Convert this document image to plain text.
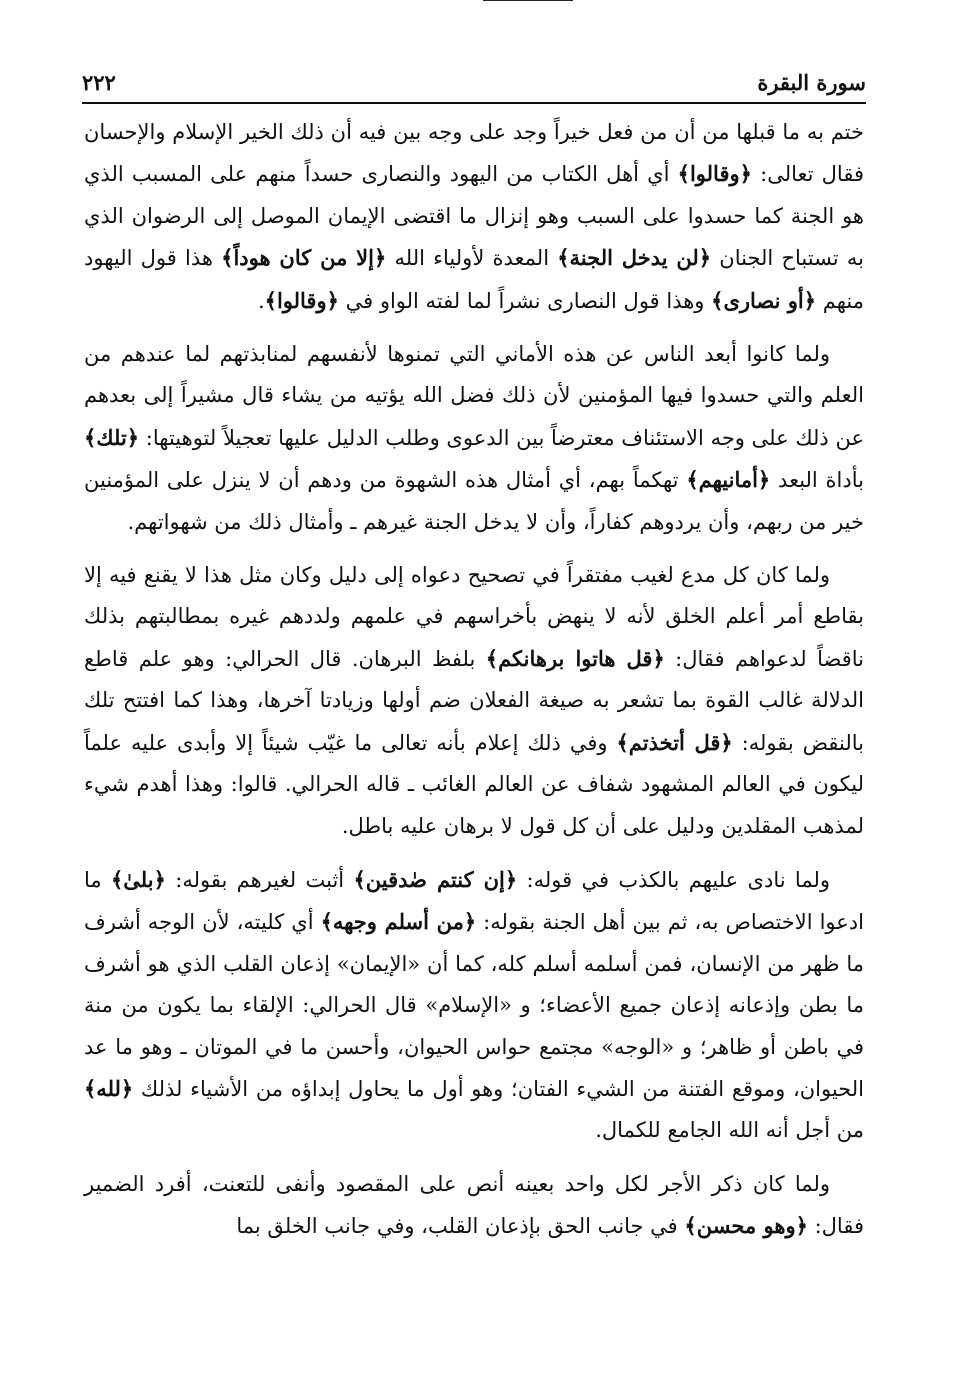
سورة البقرة
٢٢٢

ختم به ما قبلها من أن من فعل خيراً وجد على وجه بين فيه أن ذلك الخير الإسلام والإحسان فقال تعالى: ﴿وقالوا﴾ أي أهل الكتاب من اليهود والنصارى حسداً منهم على المسبب الذي هو الجنة كما حسدوا على السبب وهو إنزال ما اقتضى الإيمان الموصل إلى الرضوان الذي به تستباح الجنان ﴿لن يدخل الجنة﴾ المعدة لأولياء الله ﴿إلا من كان هوداً﴾ هذا قول اليهود منهم ﴿أو نصارى﴾ وهذا قول النصارى نشراً لما لفته الواو في ﴿وقالوا﴾.

ولما كانوا أبعد الناس عن هذه الأماني التي تمنوها لأنفسهم لمنابذتهم لما عندهم من العلم والتي حسدوا فيها المؤمنين لأن ذلك فضل الله يؤتيه من يشاء قال مشيراً إلى بعدهم عن ذلك على وجه الاستئناف معترضاً بين الدعوى وطلب الدليل عليها تعجيلاً لتوهيتها: ﴿تلك﴾ بأداة البعد ﴿أمانيهم﴾ تهكماً بهم، أي أمثال هذه الشهوة من ودهم أن لا ينزل على المؤمنين خير من ربهم، وأن يردوهم كفاراً، وأن لا يدخل الجنة غيرهم ـ وأمثال ذلك من شهواتهم.

ولما كان كل مدع لغيب مفتقراً في تصحيح دعواه إلى دليل وكان مثل هذا لا يقنع فيه إلا بقاطع أمر أعلم الخلق لأنه لا ينهض بأخراسهم في علمهم ولددهم غيره بمطالبتهم بذلك ناقضاً لدعواهم فقال: ﴿قل هاتوا برهانكم﴾ بلفظ البرهان. قال الحرالي: وهو علم قاطع الدلالة غالب القوة بما تشعر به صيغة الفعلان ضم أولها وزيادتا آخرها، وهذا كما افتتح تلك بالنقض بقوله: ﴿قل أتخذتم﴾ وفي ذلك إعلام بأنه تعالى ما غيّب شيئاً إلا وأبدى عليه علماً ليكون في العالم المشهود شفاف عن العالم الغائب ـ قاله الحرالي. قالوا: وهذا أهدم شيء لمذهب المقلدين ودليل على أن كل قول لا برهان عليه باطل.

ولما نادى عليهم بالكذب في قوله: ﴿إن كنتم صٰدقين﴾ أثبت لغيرهم بقوله: ﴿بلىٰ﴾ ما ادعوا الاختصاص به، ثم بين أهل الجنة بقوله: ﴿من أسلم وجهه﴾ أي كليته، لأن الوجه أشرف ما ظهر من الإنسان، فمن أسلمه أسلم كله، كما أن «الإيمان» إذعان القلب الذي هو أشرف ما بطن وإذعانه إذعان جميع الأعضاء؛ و «الإسلام» قال الحرالي: الإلقاء بما يكون من منة في باطن أو ظاهر؛ و «الوجه» مجتمع حواس الحيوان، وأحسن ما في الموتان ـ وهو ما عد الحيوان، وموقع الفتنة من الشيء الفتان؛ وهو أول ما يحاول إبداؤه من الأشياء لذلك ﴿لله﴾ من أجل أنه الله الجامع للكمال.

ولما كان ذكر الأجر لكل واحد بعينه أنص على المقصود وأنفى للتعنت، أفرد الضمير فقال: ﴿وهو محسن﴾ في جانب الحق بإذعان القلب، وفي جانب الخلق بما
